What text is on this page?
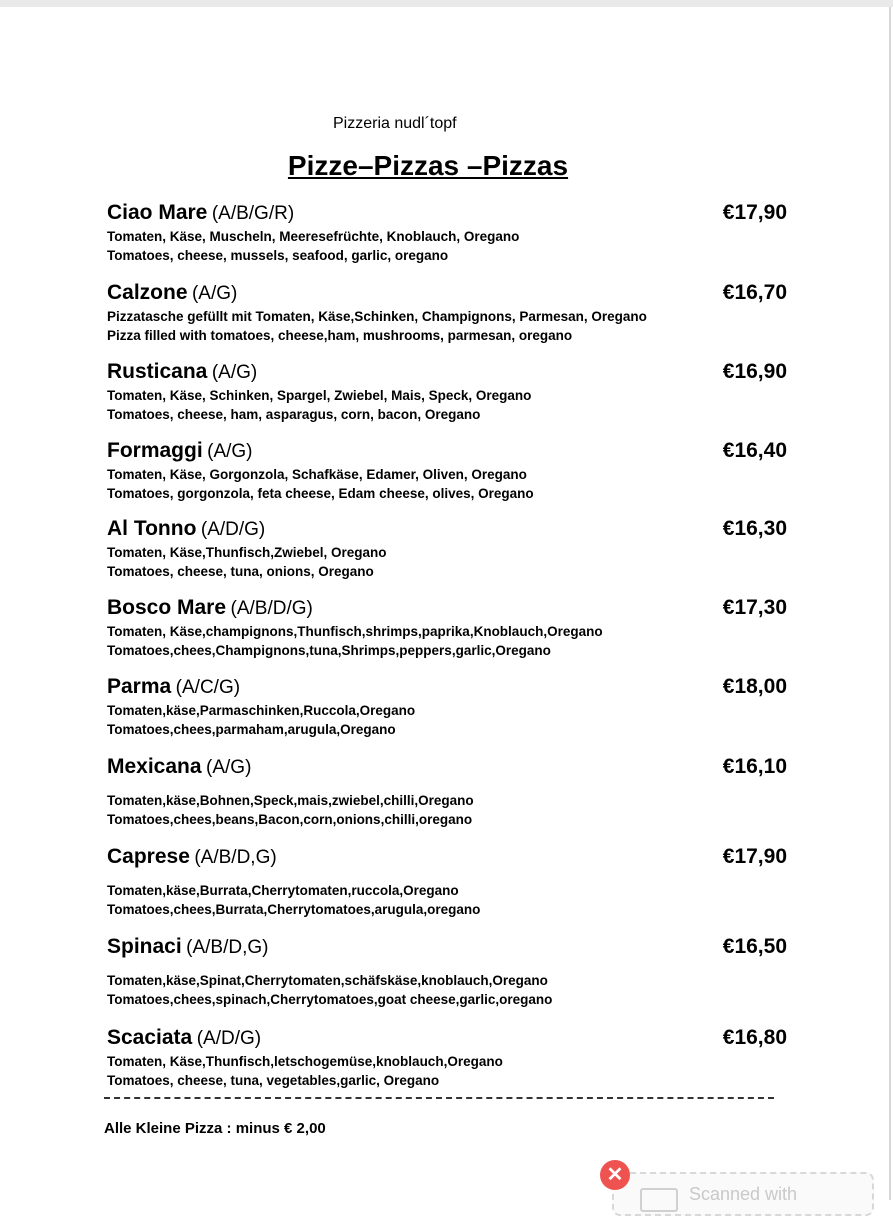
Pizzeria nudl´topf
Pizze–Pizzas –Pizzas
Ciao Mare (A/B/G/R)	€17,90
Tomaten, Käse, Muscheln, Meeresefrüchte, Knoblauch, Oregano
Tomatoes, cheese, mussels, seafood, garlic, oregano
Calzone (A/G)	€16,70
Pizzatasche gefüllt mit Tomaten, Käse,Schinken, Champignons, Parmesan, Oregano
Pizza filled with tomatoes, cheese,ham, mushrooms, parmesan, oregano
Rusticana (A/G)	€16,90
Tomaten, Käse, Schinken, Spargel, Zwiebel, Mais, Speck, Oregano
Tomatoes, cheese, ham, asparagus, corn, bacon, Oregano
Formaggi (A/G)	€16,40
Tomaten, Käse, Gorgonzola, Schafkäse, Edamer, Oliven, Oregano
Tomatoes, gorgonzola, feta cheese, Edam cheese, olives, Oregano
Al Tonno (A/D/G)	€16,30
Tomaten, Käse,Thunfisch,Zwiebel, Oregano
Tomatoes, cheese, tuna, onions, Oregano
Bosco Mare (A/B/D/G)	€17,30
Tomaten, Käse,champignons,Thunfisch,shrimps,paprika,Knoblauch,Oregano
Tomatoes,chees,Champignons,tuna,Shrimps,peppers,garlic,Oregano
Parma (A/C/G)	€18,00
Tomaten,käse,Parmaschinken,Ruccola,Oregano
Tomatoes,chees,parmaham,arugula,Oregano
Mexicana (A/G)	€16,10
Tomaten,käse,Bohnen,Speck,mais,zwiebel,chilli,Oregano
Tomatoes,chees,beans,Bacon,corn,onions,chilli,oregano
Caprese (A/B/D,G)	€17,90
Tomaten,käse,Burrata,Cherrytomaten,ruccola,Oregano
Tomatoes,chees,Burrata,Cherrytomatoes,arugula,oregano
Spinaci (A/B/D,G)	€16,50
Tomaten,käse,Spinat,Cherrytomaten,schäfskäse,knoblauch,Oregano
Tomatoes,chees,spinach,Cherrytomatoes,goat cheese,garlic,oregano
Scaciata (A/D/G)	€16,80
Tomaten, Käse,Thunfisch,letschogemüse,knoblauch,Oregano
Tomatoes, cheese, tuna, vegetables,garlic, Oregano
Alle Kleine Pizza : minus € 2,00
Scanned with
✕
